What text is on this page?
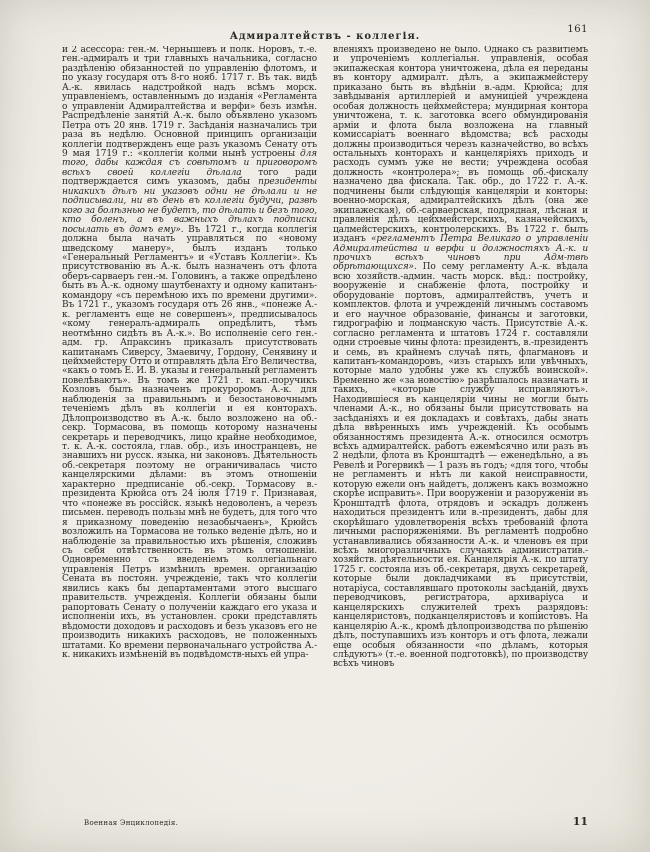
Адмиралтействъ - коллегія.
161
и 2 асессора: ген.-м. Чернышевъ и полк. Норовъ, т.-е. ген.-адмиралъ и три главныхъ начальника, согласно раздѣленію обязанностей по управленію флотомъ, и по указу государя отъ 8-го нояб. 1717 г. Въ так. видѣ А.-к. явилась надстройкой надъ всѣмъ морск. управленіемъ, оставленнымъ до изданія «Регламента о управленіи Адмиралтейства и верфи» безъ измѣн. Распредѣленіе занятій А.-к. было объявлено указомъ Петра отъ 20 янв. 1719 г. Засѣданія назначались три раза въ недѣлю. Основной принципъ организаціи коллегіи подтвержденъ еще разъ указомъ Сенату отъ 9 мая 1719 г.: «коллегіи колми нынѣ устроены для того, дабы каждая съ совѣтомъ и приговоромъ всѣхъ своей коллегіи дѣлала того ради подтверждается симъ указомъ, дабы президенты никакихъ дѣлъ ни указовъ одни не дѣлали и не подписывали, ни въ день въ коллегіи будучи, развѣ кого за болѣзнью не будетъ, то дѣлать и безъ того, кто боленъ, а въ важныхъ дѣлахъ подписки посылать въ домъ ему». Въ 1721 г., когда коллегія должна была начать управляться по «новому шведскому манеру», былъ изданъ только «Генеральный Регламентъ» и «Уставъ Коллегіи». Къ присутствованію въ А.-к. былъ назначенъ отъ флота оберъ-сарваеръ ген.-м. Головинъ, а также опредѣлено быть въ А.-к. одному шаутбенахту и одному капитанъ-командору «съ перемѣною ихъ по времени другими». Въ 1721 г., указомъ государя отъ 26 янв., «понеже А.-к. регламентъ еще не совершенъ», предписывалось «кому генералъ-адмиралъ опредѣлитъ, тѣмъ неотмѣнно сидѣть въ А.-к.». Во исполненіе сего ген.-адм. гр. Апраксинъ приказалъ присутствовать капитанамъ Сиверсу, Змаевичу, Гордону, Сенявину и цейхмейстеру Отто и отправлять дѣла Его Величества, «какъ о томъ Е. И. В. указы и генеральный регламентъ повелѣваютъ». Въ томъ же 1721 г. кап.-поручикъ Козловъ былъ назначенъ прокуроромъ А.-к. для наблюденія за правильнымъ и безостановочнымъ теченіемъ дѣлъ въ коллегіи и ея конторахъ. Дѣлопроизводство въ А.-к. было возложено на об.-секр. Тормасова, въ помощь которому назначены секретарь и переводчикъ, лицо крайне необходимое, т. к. А.-к. состояла, глав. обр., изъ иностранцевъ, не знавшихъ ни русск. языка, ни законовъ. Дѣятельность об.-секретаря поэтому не ограничивалась чисто канцелярскими дѣлами: въ этомъ отношеніи характерно предписаніе об.-секр. Тормасову в.-президента Крюйса отъ 24 іюля 1719 г. Признавая, что «понеже въ россійск. языкѣ недоволенъ, а черезъ письмен. переводъ пользы мнѣ не будетъ, для того что я приказному поведенію незаобычаенъ», Крюйсъ возложилъ на Тормасова не только веденіе дѣлъ, но и наблюденіе за правильностью ихъ рѣшенія, сложивъ съ себя отвѣтственность въ этомъ отношеніи. Одновременно съ введеніемъ коллегіальнаго управленія Петръ измѣнилъ времен. организацію Сената въ постоян. учрежденіе, такъ что коллегіи явились какъ бы департаментами этого высшаго правительств. учрежденія. Коллегіи обязаны были рапортовать Сенату о полученіи каждаго его указа и исполненіи ихъ, въ установлен. сроки представлять вѣдомости доходовъ и расходовъ и безъ указовъ его не производить никакихъ расходовъ, не положенныхъ штатами. Ко времени первоначальнаго устройства А.-к. никакихъ измѣненій въ подвѣдомств-ныхъ ей упра-
вленіяхъ произведено не было. Однако съ развитіемъ и упроченіемъ коллегіальн. управленія, особая экипажеская контора уничтожена, дѣла ея переданы въ контору адмиралт. дѣлъ, а экипажмейстеру приказано быть въ вѣдѣніи в.-адм. Крюйса; для завѣдыванія артиллеріей и амуниціей учреждена особая должность цейхмейстера; мундирная контора уничтожена, т. к. заготовка всего обмундированія арміи и флота была возложена на главный комиссаріатъ военнаго вѣдомства; всѣ расходы должны производиться черезъ казначейство, во всѣхъ остальныхъ конторахъ и канцеляріяхъ приходъ и расходъ суммъ уже не вести; учреждена особая должность «контролера»; въ помощь об.-фискалу назначено два фискала. Так. обр., до 1722 г. А.-к. подчинены были слѣдующія канцеляріи и конторы: военно-морская, адмиралтейскихъ дѣлъ (она же экипажеская), об.-сарваерская, подрядная, лѣсная и правленія дѣлъ цейхмейстерскихъ, казначейскихъ, цалмейстерскихъ, контролерскихъ. Въ 1722 г. былъ изданъ «регламентъ Петра Великаго о управленіи Адмиралтейства и верфи и должностяхъ А.-к. и прочихъ всѣхъ чиновъ при Адм-твѣ обрѣтающихся». По сему регламенту А.-к. вѣдала всю хозяйств.-админ. часть морск. вѣд.: постройку, вооруженіе и снабженіе флота, постройку и оборудованіе портовъ, адмиралтействъ, учетъ и комплектов. флота и учрежденій личнымъ составомъ и его научное образованіе, финансы и заготовки, гидрографію и лоцманскую часть. Присутствіе А.-к. согласно регламента и штатовъ 1724 г. составляли одни строевые чины флота: президентъ, в.-президентъ и семь, въ крайнемъ случаѣ пять, флагмановъ и капитанъ-командоровъ, «изъ старыхъ или увѣчныхъ, которые мало удобны уже къ службѣ воинской». Временно же «за новостію» разрѣшалось назначать и такихъ, «которые службу исправляютъ». Находившіеся въ канцеляріи чины не могли быть членами А.-к., но обязаны были присутствовать на засѣданіяхъ и ея докладахъ и совѣтахъ, дабы знать дѣла ввѣренныхъ имъ учрежденій. Къ особымъ обязанностямъ президента А.-к. относился осмотръ всѣхъ адмиралтейск. работъ ежемѣсячно или разъ въ 2 недѣли, флота въ Кронштадтѣ — еженедѣльно, а въ Ревелѣ и Рогервикѣ — 1 разъ въ годъ; «для того, чтобы не регламентъ и нѣтъ ли какой неисправности, которую ежели онъ найдетъ, долженъ какъ возможно скорѣе исправить». При вооруженіи и разоруженіи въ Кронштадтѣ флота, отрядовъ и эскадръ долженъ находиться президентъ или в.-президентъ, дабы для скорѣйшаго удовлетворенія всѣхъ требованій флота личными распоряженіями. Въ регламентѣ подробно устанавливались обязанности А.-к. и членовъ ея при всѣхъ многоразличныхъ случаяхъ административ.-хозяйств. дѣятельности ея. Канцелярія А.-к. по штату 1725 г. состояла изъ об.-секретаря, двухъ секретарей, которые были докладчиками въ присутствіи, нотаріуса, составлявшаго протоколы засѣданій, двухъ переводчиковъ, регистратора, архиваріуса и канцелярскихъ служителей трехъ разрядовъ: канцеляристовъ, подканцеляристовъ и копіистовъ. На канцелярію А.-к., кромѣ дѣлопроизводства по рѣшенію дѣлъ, поступавшихъ изъ конторъ и отъ флота, лежали еще особыя обязанности «по дѣламъ, которыя слѣдуютъ» (т.-е. военной подготовкѣ), по производству всѣхъ чиновъ
Военная Энциклопедія.	11
